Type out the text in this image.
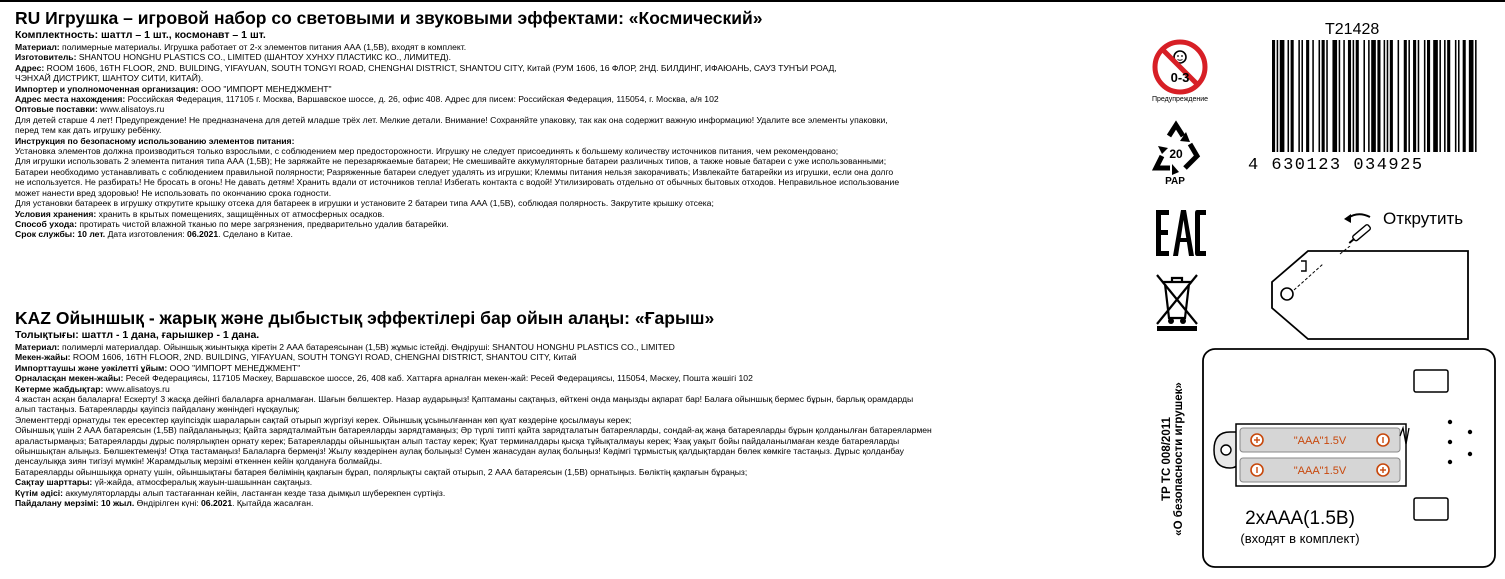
RU Игрушка – игровой набор со световыми и звуковыми эффектами: «Космический»
Комплектность: шаттл – 1 шт., космонавт – 1 шт.

Материал: полимерные материалы. Игрушка работает от 2-х элементов питания ААА (1,5В), входят в комплект.

Изготовитель: SHANTOU HONGHU PLASTICS CO., LIMITED (ШАНТОУ ХУНХУ ПЛАСТИКС КО., ЛИМИТЕД).

Адрес: ROOM 1606, 16TH FLOOR, 2ND. BUILDING, YIFAYUAN, SOUTH TONGYI ROAD, CHENGHAI DISTRICT, SHANTOU CITY, Китай (РУМ 1606, 16 ФЛОР, 2НД. БИЛДИНГ, ИФАЮАНЬ, САУЗ ТУНЪИ РОАД,

ЧЭНХАЙ ДИСТРИКТ, ШАНТОУ СИТИ, КИТАЙ).

Импортер и уполномоченная организация: ООО "ИМПОРТ МЕНЕДЖМЕНТ"

Адрес места нахождения: Российская Федерация, 117105 г. Москва, Варшавское шоссе, д. 26, офис 408. Адрес для писем: Российская Федерация, 115054, г. Москва, а/я 102

Оптовые поставки: www.alisatoys.ru

Для детей старше 4 лет! Предупреждение! Не предназначена для детей младше трёх лет. Мелкие детали. Внимание! Сохраняйте упаковку, так как она содержит важную информацию! Удалите все элементы упаковки,

перед тем как дать игрушку ребёнку.

Инструкция по безопасному использованию элементов питания:

Установка элементов должна производиться только взрослыми, с соблюдением мер предосторожности. Игрушку не следует присоединять к большему количеству источников питания, чем рекомендовано;

Для игрушки использовать 2 элемента питания типа ААА (1,5В); Не заряжайте не перезаряжаемые батареи; Не смешивайте аккумуляторные батареи различных типов, а также новые батареи с уже использованными;

Батареи необходимо устанавливать с соблюдением правильной полярности; Разряженные батареи следует удалять из игрушки; Клеммы питания нельзя закорачивать; Извлекайте батарейки из игрушки, если она долго

не используется. Не разбирать! Не бросать в огонь! Не давать детям! Хранить вдали от источников тепла! Избегать контакта с водой! Утилизировать отдельно от обычных бытовых отходов. Неправильное использование

может нанести вред здоровью! Не использовать по окончанию срока годности.

Для установки батареек в игрушку открутите крышку отсека для батареек в игрушки и установите 2 батареи типа ААА (1,5В), соблюдая полярность. Закрутите крышку отсека;

Условия хранения: хранить в крытых помещениях, защищённых от атмосферных осадков.

Способ ухода: протирать чистой влажной тканью по мере загрязнения, предварительно удалив батарейки.

Срок службы: 10 лет. Дата изготовления: 06.2021. Сделано в Китае.

KAZ Ойыншық - жарық және дыбыстық эффектілері бар ойын алаңы: «Ғарыш»
Толықтығы: шаттл - 1 дана, ғарышкер - 1 дана.

Материал: полимерлі материалдар. Ойыншық жиынтыққа кіретін 2 ААА батареясынан (1,5В) жұмыс істейді. Өндіруші: SHANTOU HONGHU PLASTICS CO., LIMITED

Мекен-жайы: ROOM 1606, 16TH FLOOR, 2ND. BUILDING, YIFAYUAN, SOUTH TONGYI ROAD, CHENGHAI DISTRICT, SHANTOU CITY, Китай

Импорттаушы және уәкілетті ұйым: ООО "ИМПОРТ МЕНЕДЖМЕНТ"

Орналасқан мекен-жайы: Ресей Федерациясы, 117105 Мәскеу, Варшавское шоссе, 26, 408 каб. Хаттарға арналған мекен-жай: Ресей Федерациясы, 115054, Мәскеу, Пошта жәшігі 102

Көтерме жабдықтар: www.alisatoys.ru

4 жастан асқан балаларға! Ескерту! 3 жасқа дейінгі балаларға арналмаған. Шағын бөлшектер. Назар аударыңыз! Қаптаманы сақтаңыз, өйткені онда маңызды ақпарат бар! Балаға ойыншық бермес бұрын, барлық орамдарды

алып тастаңыз. Батареяларды қауіпсіз пайдалану жөніндегі нұсқаулық:

Элементтерді орнатуды тек ересектер қауіпсіздік шараларын сақтай отырып жүргізуі керек. Ойыншық ұсынылғаннан көп қуат көздеріне қосылмауы керек;

Ойыншық үшін 2 ААА батареясын (1,5В) пайдаланыңыз; Қайта зарядталмайтын батареяларды зарядтамаңыз; Әр түрлі типті қайта зарядталатын батареяларды, сондай-ақ жаңа батареяларды бұрын қолданылған батареялармен

араластырмаңыз; Батареяларды дұрыс полярлықпен орнату керек; Батареяларды ойыншықтан алып тастау керек; Қуат терминалдары қысқа тұйықталмауы керек; Ұзақ уақыт бойы пайдаланылмаған кезде батареяларды

ойыншықтан алыңыз. Бөлшектемеңіз! Отқа тастамаңыз! Балаларға бермеңіз! Жылу көздерінен аулақ болыңыз! Сумен жанасудан аулақ болыңыз! Кәдімгі тұрмыстық қалдықтардан бөлек көмкіге тастаңыз. Дұрыс қолданбау

денсаулыққа зиян тигізуі мүмкін! Жарамдылық мерзімі өткеннен кейін қолдануға болмайды.

Батареяларды ойыншыққа орнату үшін, ойыншықтағы батарея бөлімінің қақпағын бұрап, полярлықты сақтай отырып, 2 ААА батареясын (1,5В) орнатыңыз. Бөліктің қақпағын бұраңыз;

Сақтау шарттары: үй-жайда, атмосфералық жауын-шашыннан сақтаңыз.

Күтім әдісі: аккумуляторларды алып тастағаннан кейін, ластанған кезде таза дымқыл шүберекпен сүртіңіз.

Пайдалану мерзімі: 10 жыл. Өндірілген күні: 06.2021. Қытайда жасалған.

0-3
Предупреждение
20
PAP
T21428
4 630123 034925
Открутить
ТР ТС 008/2011 «О безопасности игрушек»	"AAA"1.5V
"AAA"1.5V
2хААА(1.5В)
(входят в комплект)
